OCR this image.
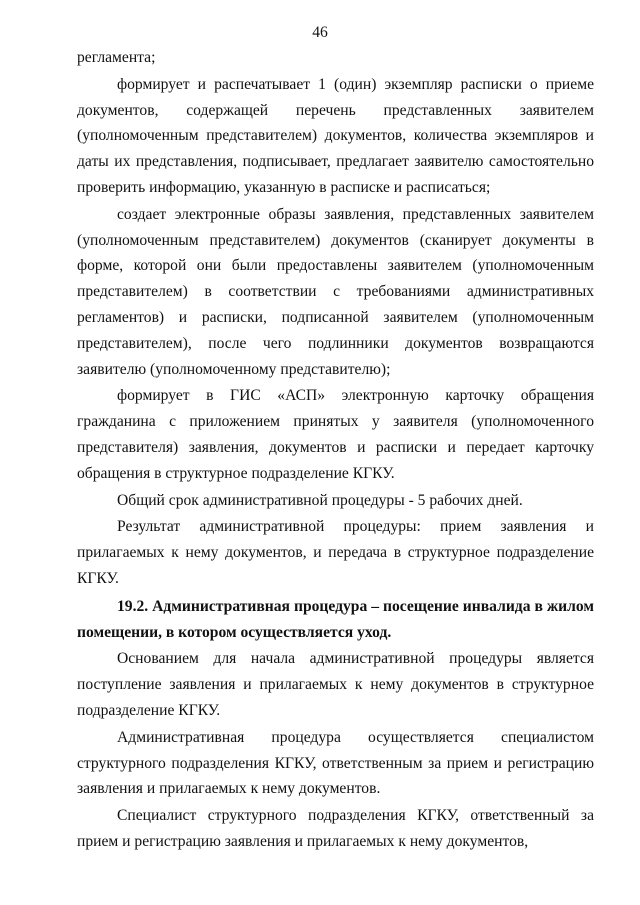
46

регламента;

формирует и распечатывает 1 (один) экземпляр расписки о приеме документов, содержащей перечень представленных заявителем (уполномоченным представителем) документов, количества экземпляров и даты их представления, подписывает, предлагает заявителю самостоятельно проверить информацию, указанную в расписке и расписаться;

создает электронные образы заявления, представленных заявителем (уполномоченным представителем) документов (сканирует документы в форме, которой они были предоставлены заявителем (уполномоченным представителем) в соответствии с требованиями административных регламентов) и расписки, подписанной заявителем (уполномоченным представителем), после чего подлинники документов возвращаются заявителю (уполномоченному представителю);

формирует в ГИС «АСП» электронную карточку обращения гражданина с приложением принятых у заявителя (уполномоченного представителя) заявления, документов и расписки и передает карточку обращения в структурное подразделение КГКУ.

Общий срок административной процедуры - 5 рабочих дней.

Результат административной процедуры: прием заявления и прилагаемых к нему документов, и передача в структурное подразделение КГКУ.

19.2. Административная процедура – посещение инвалида в жилом помещении, в котором осуществляется уход.

Основанием для начала административной процедуры является поступление заявления и прилагаемых к нему документов в структурное подразделение КГКУ.

Административная процедура осуществляется специалистом структурного подразделения КГКУ, ответственным за прием и регистрацию заявления и прилагаемых к нему документов.

Специалист структурного подразделения КГКУ, ответственный за прием и регистрацию заявления и прилагаемых к нему документов,
